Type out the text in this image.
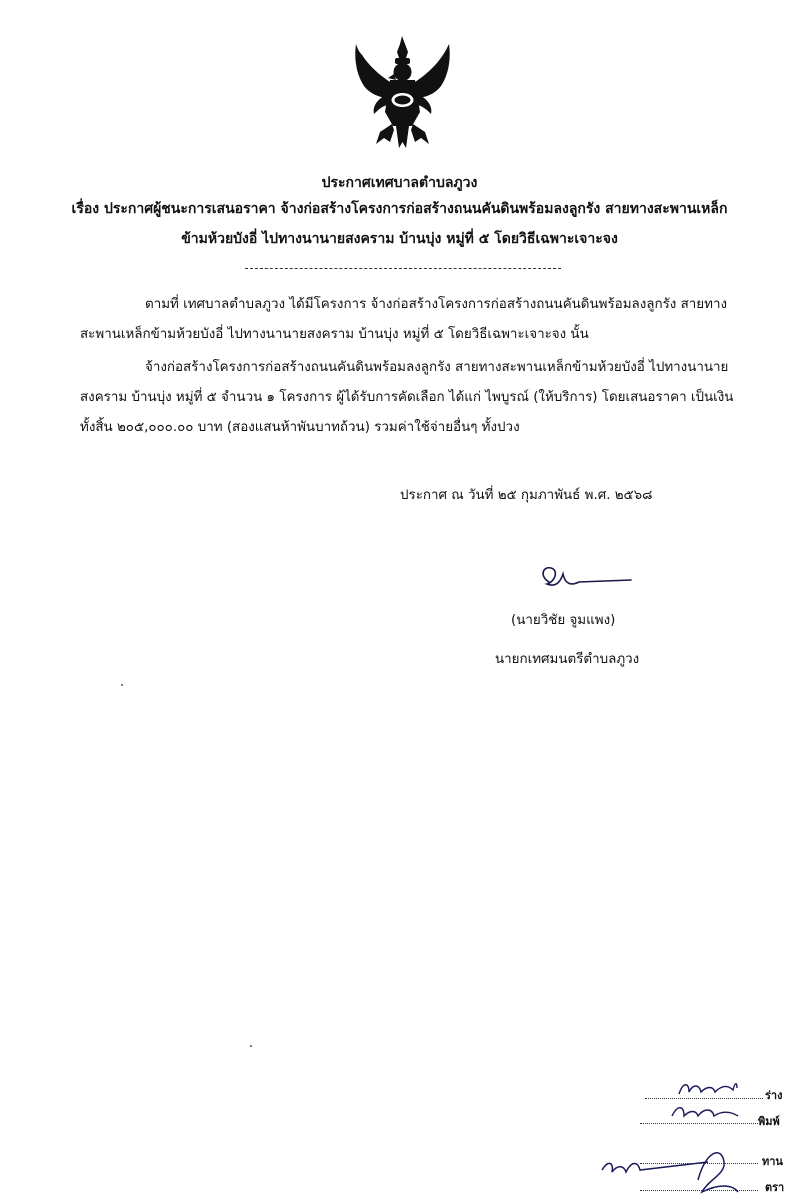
ประกาศเทศบาลตำบลภูวง
เรื่อง ประกาศผู้ชนะการเสนอราคา จ้างก่อสร้างโครงการก่อสร้างถนนคันดินพร้อมลงลูกรัง สายทางสะพานเหล็ก
ข้ามห้วยบังอี่ ไปทางนานายสงคราม บ้านบุ่ง หมู่ที่ ๕ โดยวิธีเฉพาะเจาะจง
ตามที่ เทศบาลตำบลภูวง ได้มีโครงการ จ้างก่อสร้างโครงการก่อสร้างถนนคันดินพร้อมลงลูกรัง สายทาง
สะพานเหล็กข้ามห้วยบังอี่ ไปทางนานายสงคราม บ้านบุ่ง หมู่ที่ ๕ โดยวิธีเฉพาะเจาะจง นั้น
จ้างก่อสร้างโครงการก่อสร้างถนนคันดินพร้อมลงลูกรัง สายทางสะพานเหล็กข้ามห้วยบังอี่ ไปทางนานาย
สงคราม บ้านบุ่ง หมู่ที่ ๕ จำนวน ๑ โครงการ ผู้ได้รับการคัดเลือก ได้แก่ ไพบูรณ์ (ให้บริการ) โดยเสนอราคา เป็นเงิน
ทั้งสิ้น ๒๐๕,๐๐๐.๐๐ บาท (สองแสนห้าพันบาทถ้วน) รวมค่าใช้จ่ายอื่นๆ ทั้งปวง
ประกาศ ณ วันที่ ๒๕ กุมภาพันธ์ พ.ศ. ๒๕๖๘
(นายวิชัย จูมแพง)
นายกเทศมนตรีตำบลภูวง
ร่าง
พิมพ์
ทาน
ตรา
